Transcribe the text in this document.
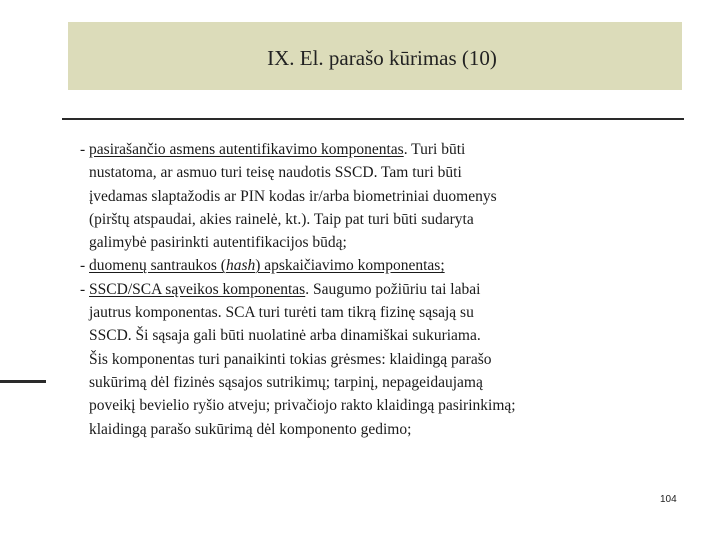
IX. El. parašo kūrimas (10)
- pasirašančio asmens autentifikavimo komponentas. Turi būti
nustatoma, ar asmuo turi teisę naudotis SSCD. Tam turi būti
įvedamas slaptažodis ar PIN kodas ir/arba biometriniai duomenys
(pirštų atspaudai, akies rainelė, kt.). Taip pat turi būti sudaryta
galimybė pasirinkti autentifikacijos būdą;
- duomenų santraukos (hash) apskaičiavimo komponentas;
- SSCD/SCA sąveikos komponentas. Saugumo požiūriu tai labai
jautrus komponentas. SCA turi turėti tam tikrą fizinę sąsają su
SSCD. Ši sąsaja gali būti nuolatinė arba dinamiškai sukuriama.
Šis komponentas turi panaikinti tokias grėsmes: klaidingą parašo
sukūrimą dėl fizinės sąsajos sutrikimų; tarpinį, nepageidaujamą
poveikį bevielio ryšio atveju; privačiojo rakto klaidingą pasirinkimą;
klaidingą parašo sukūrimą dėl komponento gedimo;
104
